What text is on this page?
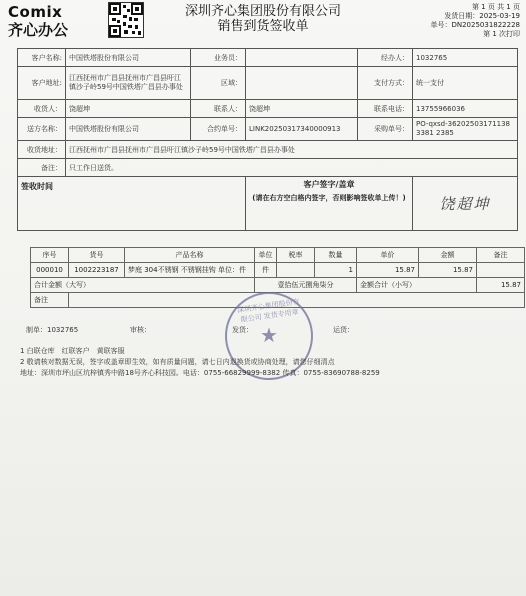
Comix
齐心办公
深圳齐心集团股份有限公司
销售到货签收单
第 1 页 共 1 页
发货日期：2025-03-19
单号：DN2025031822228
第 1 次打印
客户名称:	中国铁塔股份有限公司	业务员：		经办人：	1032765
客户地址:	江西抚州市广昌县抚州市广昌县旴江镇沙子岭59号中国铁塔广昌县办事处	区域：		支付方式：	统一支付
收货人：	饶超坤	联系人：	饶超坤	联系电话：	13755966036
送方名称：	中国铁塔股份有限公司	合约单号：	LINK20250317340000913	采购单号：	PO-qxsd-362025031711383381 2385
收货地址：	江西抚州市广昌县抚州市广昌县旴江镇沙子岭59号中国铁塔广昌县办事处				
备注：	只工作日送货。				
签收时间			客户签字/盖章
(请在右方空白格内签字，否则影响签收单上传！)		饶超坤
序号	货号	产品名称	单位	税率	数量	单价	金额	备注
000010	1002223187	梦庭 304不锈钢 不锈钢挂钩 单位：件	件		1	15.87	15.87	
合计金额（大写）			壹拾伍元捌角柒分			金额合计（小写）		15.87
备注								
制单：1032765	审核：	发货：	运货：
深圳齐心集团股份有限公司 发货专用章
★
1 白联仓库　红联客户　黄联客服
2 敬请核对数据无误，签字或盖章即生效，如有质量问题，请七日内退换货或协商处理，请您仔细清点
地址：深圳市坪山区坑梓镇秀中路18号齐心科技园。电话：0755-66829999-8382 传真：0755-83690788-8259
